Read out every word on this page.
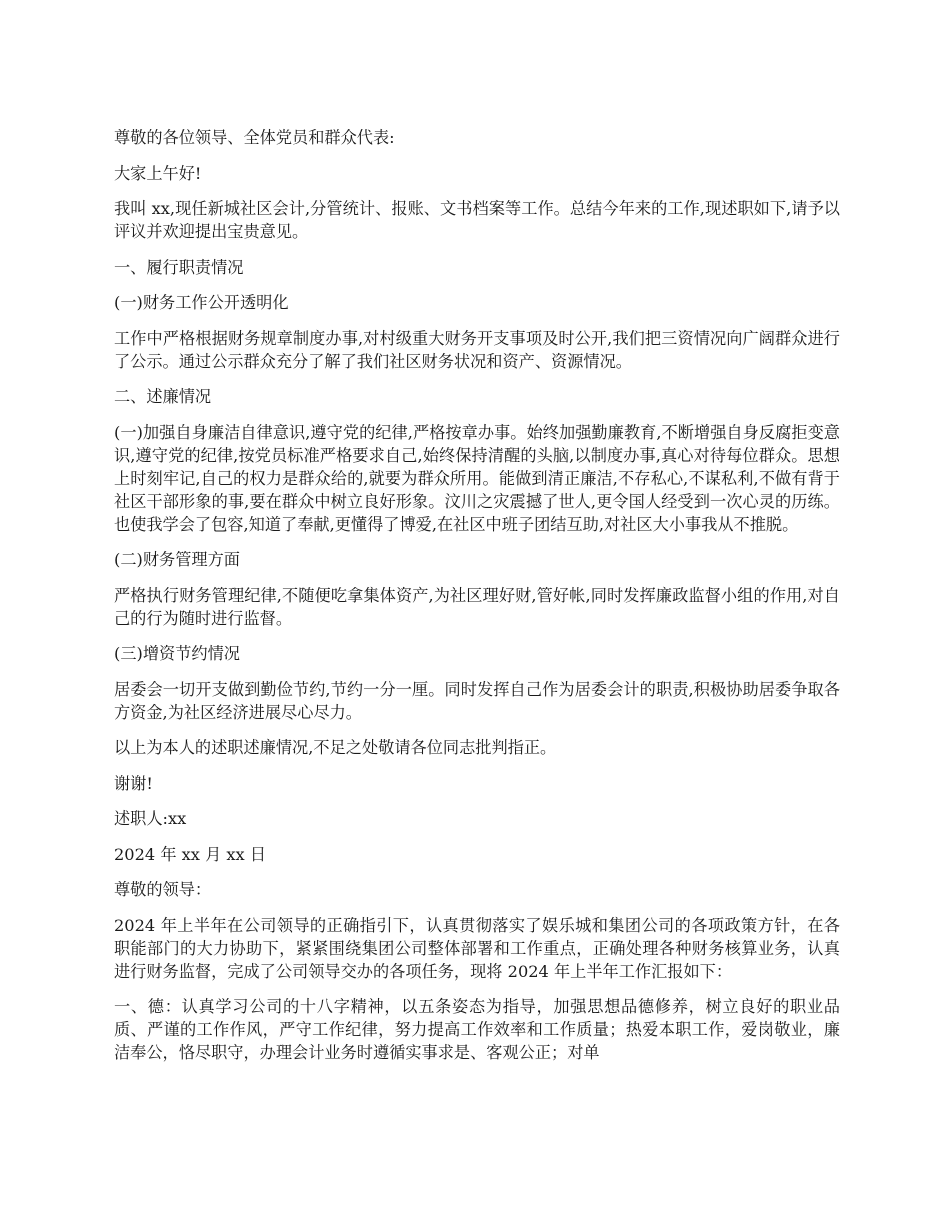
尊敬的各位领导、全体党员和群众代表:

大家上午好!

我叫 xx,现任新城社区会计,分管统计、报账、文书档案等工作。总结今年来的工作,现述职如下,请予以评议并欢迎提出宝贵意见。

一、履行职责情况

(一)财务工作公开透明化

工作中严格根据财务规章制度办事,对村级重大财务开支事项及时公开,我们把三资情况向广阔群众进行了公示。通过公示群众充分了解了我们社区财务状况和资产、资源情况。

二、述廉情况

(一)加强自身廉洁自律意识,遵守党的纪律,严格按章办事。始终加强勤廉教育,不断增强自身反腐拒变意识,遵守党的纪律,按党员标准严格要求自己,始终保持清醒的头脑,以制度办事,真心对待每位群众。思想上时刻牢记,自己的权力是群众给的,就要为群众所用。能做到清正廉洁,不存私心,不谋私利,不做有背于社区干部形象的事,要在群众中树立良好形象。汶川之灾震撼了世人,更令国人经受到一次心灵的历练。也使我学会了包容,知道了奉献,更懂得了博爱,在社区中班子团结互助,对社区大小事我从不推脱。

(二)财务管理方面

严格执行财务管理纪律,不随便吃拿集体资产,为社区理好财,管好帐,同时发挥廉政监督小组的作用,对自己的行为随时进行监督。

(三)增资节约情况

居委会一切开支做到勤俭节约,节约一分一厘。同时发挥自己作为居委会计的职责,积极协助居委争取各方资金,为社区经济进展尽心尽力。

以上为本人的述职述廉情况,不足之处敬请各位同志批判指正。

谢谢!

述职人:xx

2024 年 xx 月 xx 日

尊敬的领导：

2024 年上半年在公司领导的正确指引下，认真贯彻落实了娱乐城和集团公司的各项政策方针，在各职能部门的大力协助下，紧紧围绕集团公司整体部署和工作重点，正确处理各种财务核算业务，认真进行财务监督，完成了公司领导交办的各项任务，现将 2024 年上半年工作汇报如下：

一、德：认真学习公司的十八字精神，以五条姿态为指导，加强思想品德修养，树立良好的职业品质、严谨的工作作风，严守工作纪律，努力提高工作效率和工作质量；热爱本职工作，爱岗敬业，廉洁奉公，恪尽职守，办理会计业务时遵循实事求是、客观公正；对单
